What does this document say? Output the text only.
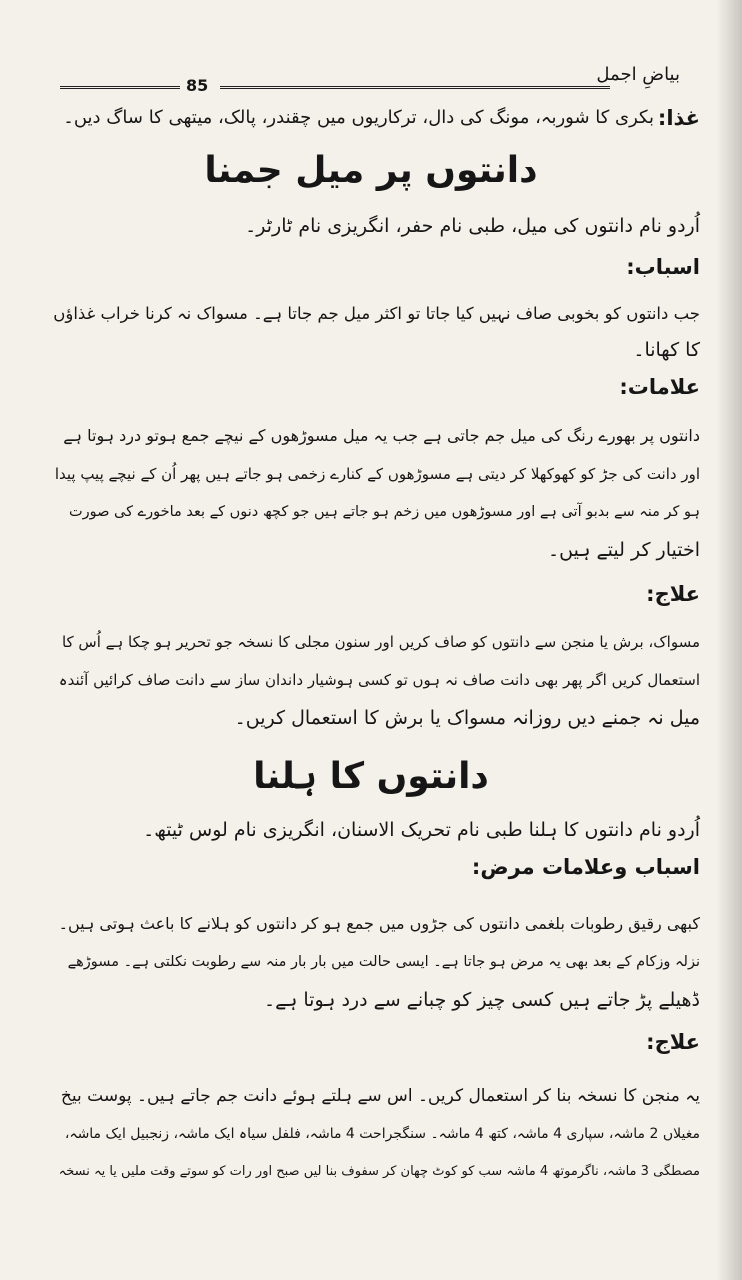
85
بیاضِ اجمل
غذا:
بکری کا شوربہ، مونگ کی دال، ترکاریوں میں چقندر، پالک، میتھی کا ساگ دیں۔
دانتوں پر میل جمنا
اُردو نام دانتوں کی میل، طبی نام حفر، انگریزی نام ٹارٹر۔
اسباب:
جب دانتوں کو بخوبی صاف نہیں کیا جاتا تو اکثر میل جم جاتا ہے۔ مسواک نہ کرنا خراب غذاؤں
کا کھانا۔
علامات:
دانتوں پر بھورے رنگ کی میل جم جاتی ہے جب یہ میل مسوڑھوں کے نیچے جمع ہوتو درد ہوتا ہے
اور دانت کی جڑ کو کھوکھلا کر دیتی ہے مسوڑھوں کے کنارے زخمی ہو جاتے ہیں پھر اُن کے نیچے پیپ پیدا
ہو کر منہ سے بدبو آتی ہے اور مسوڑھوں میں زخم ہو جاتے ہیں جو کچھ دنوں کے بعد ماخورے کی صورت
اختیار کر لیتے ہیں۔
علاج:
مسواک، برش یا منجن سے دانتوں کو صاف کریں اور سنون مجلی کا نسخہ جو تحریر ہو چکا ہے اُس کا
استعمال کریں اگر پھر بھی دانت صاف نہ ہوں تو کسی ہوشیار داندان ساز سے دانت صاف کرائیں آئندہ
میل نہ جمنے دیں روزانہ مسواک یا برش کا استعمال کریں۔
دانتوں کا ہلنا
اُردو نام دانتوں کا ہلنا طبی نام تحریک الاسنان، انگریزی نام لوس ٹیتھ۔
اسباب وعلامات مرض:
کبھی رقیق رطوبات بلغمی دانتوں کی جڑوں میں جمع ہو کر دانتوں کو ہلانے کا باعث ہوتی ہیں۔
نزلہ وزکام کے بعد بھی یہ مرض ہو جاتا ہے۔ ایسی حالت میں بار بار منہ سے رطوبت نکلتی ہے۔ مسوڑھے
ڈھیلے پڑ جاتے ہیں کسی چیز کو چبانے سے درد ہوتا ہے۔
علاج:
یہ منجن کا نسخہ بنا کر استعمال کریں۔ اس سے ہلتے ہوئے دانت جم جاتے ہیں۔ پوست بیخ
مغیلاں 2 ماشہ، سپاری 4 ماشہ، کتھ 4 ماشہ۔ سنگجراحت 4 ماشہ، فلفل سیاہ ایک ماشہ، زنجبیل ایک ماشہ،
مصطگی 3 ماشہ، ناگرموتھ 4 ماشہ سب کو کوٹ چھان کر سفوف بنا لیں صبح اور رات کو سوتے وقت ملیں یا یہ نسخہ
